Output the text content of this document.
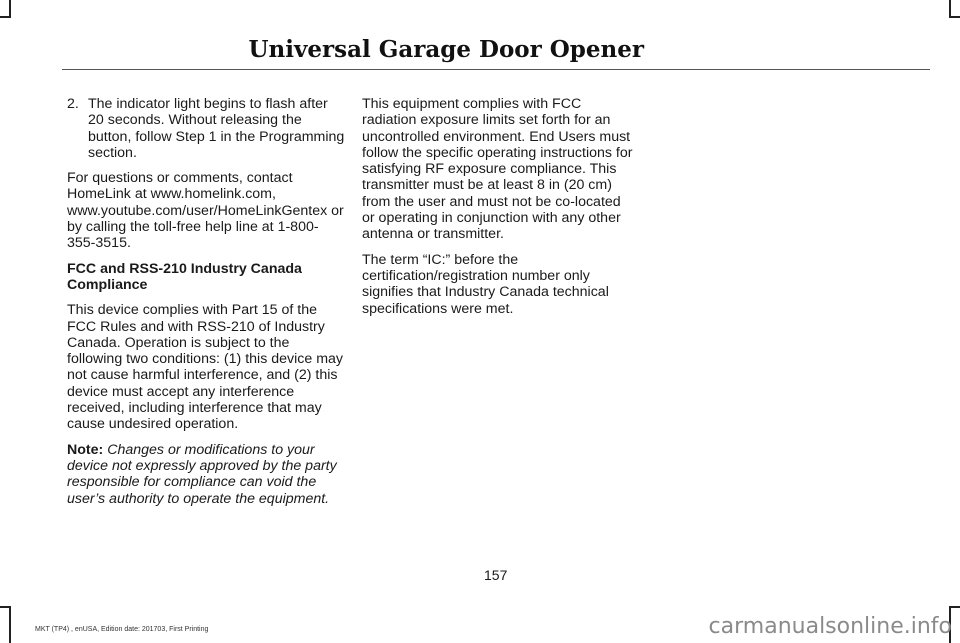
Universal Garage Door Opener
2. The indicator light begins to flash after 20 seconds. Without releasing the button, follow Step 1 in the Programming section.

For questions or comments, contact HomeLink at www.homelink.com, www.youtube.com/user/HomeLinkGentex or by calling the toll-free help line at 1-800-355-3515.

FCC and RSS-210 Industry Canada Compliance

This device complies with Part 15 of the FCC Rules and with RSS-210 of Industry Canada. Operation is subject to the following two conditions: (1) this device may not cause harmful interference, and (2) this device must accept any interference received, including interference that may cause undesired operation.

Note: Changes or modifications to your device not expressly approved by the party responsible for compliance can void the user’s authority to operate the equipment.

This equipment complies with FCC radiation exposure limits set forth for an uncontrolled environment. End Users must follow the specific operating instructions for satisfying RF exposure compliance. This transmitter must be at least 8 in (20 cm) from the user and must not be co-located or operating in conjunction with any other antenna or transmitter.

The term “IC:” before the certification/registration number only signifies that Industry Canada technical specifications were met.

157
MKT (TP4) , enUSA, Edition date: 201703, First Printing	carmanualsonline.info
